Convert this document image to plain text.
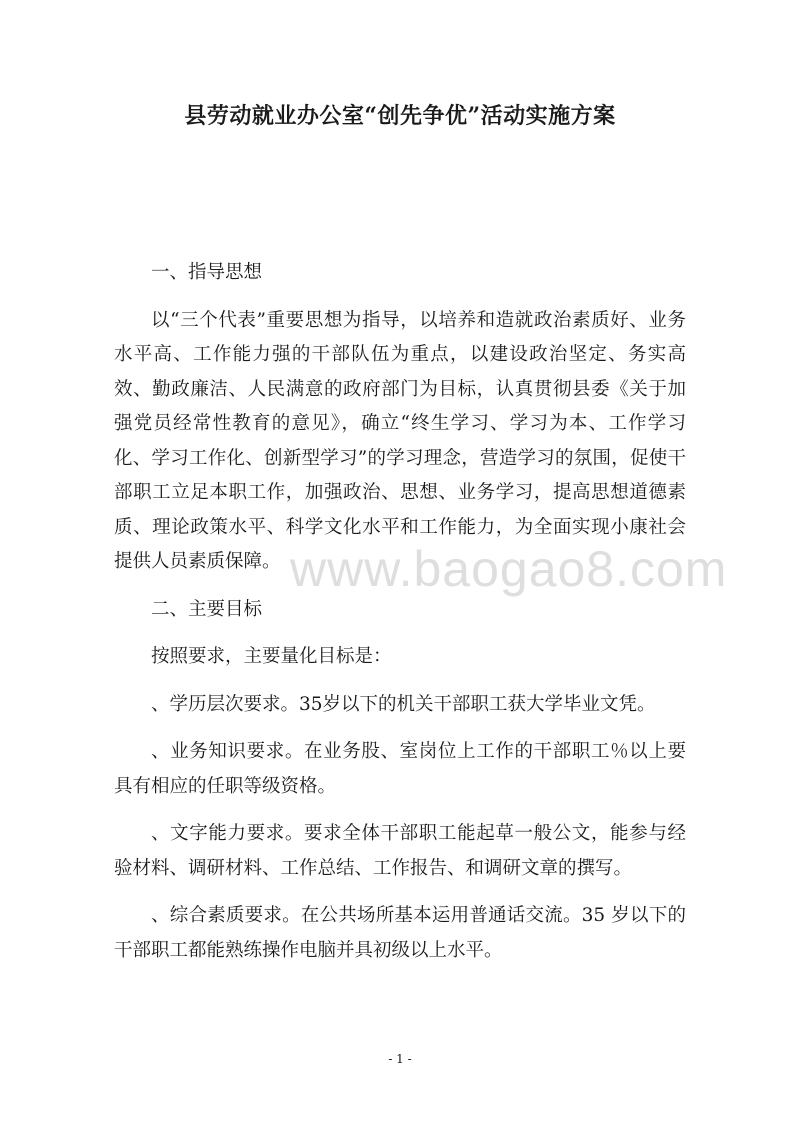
县劳动就业办公室“创先争优”活动实施方案
www.baogao8.com

一、指导思想

以“三个代表”重要思想为指导，以培养和造就政治素质好、业务水平高、工作能力强的干部队伍为重点，以建设政治坚定、务实高效、勤政廉洁、人民满意的政府部门为目标，认真贯彻县委《关于加强党员经常性教育的意见》，确立“终生学习、学习为本、工作学习化、学习工作化、创新型学习”的学习理念，营造学习的氛围，促使干部职工立足本职工作，加强政治、思想、业务学习，提高思想道德素质、理论政策水平、科学文化水平和工作能力，为全面实现小康社会提供人员素质保障。

二、主要目标

按照要求，主要量化目标是：

、学历层次要求。35岁以下的机关干部职工获大学毕业文凭。

、业务知识要求。在业务股、室岗位上工作的干部职工％以上要具有相应的任职等级资格。

、文字能力要求。要求全体干部职工能起草一般公文，能参与经验材料、调研材料、工作总结、工作报告、和调研文章的撰写。

、综合素质要求。在公共场所基本运用普通话交流。35 岁以下的干部职工都能熟练操作电脑并具初级以上水平。

- 1 -
